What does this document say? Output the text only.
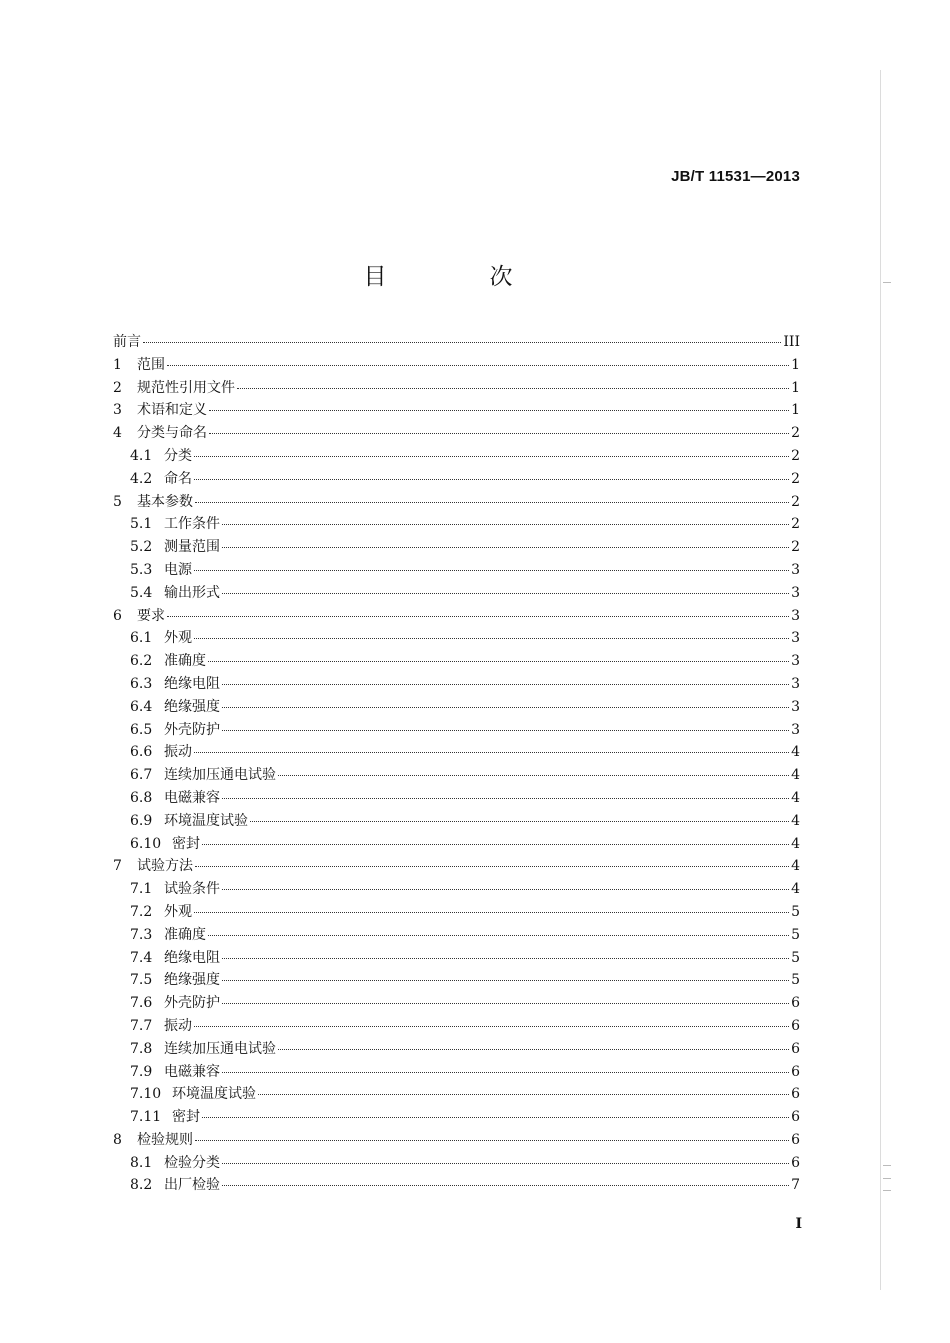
JB/T 11531—2013
目　次
前言	III
1	范围	1
2	规范性引用文件	1
3	术语和定义	1
4	分类与命名	2
4.1 分类	2
4.2 命名	2
5	基本参数	2
5.1 工作条件	2
5.2 测量范围	2
5.3 电源	3
5.4 输出形式	3
6	要求	3
6.1 外观	3
6.2 准确度	3
6.3 绝缘电阻	3
6.4 绝缘强度	3
6.5 外壳防护	3
6.6 振动	4
6.7 连续加压通电试验	4
6.8 电磁兼容	4
6.9 环境温度试验	4
6.10 密封	4
7	试验方法	4
7.1 试验条件	4
7.2 外观	5
7.3 准确度	5
7.4 绝缘电阻	5
7.5 绝缘强度	5
7.6 外壳防护	6
7.7 振动	6
7.8 连续加压通电试验	6
7.9 电磁兼容	6
7.10 环境温度试验	6
7.11 密封	6
8	检验规则	6
8.1 检验分类	6
8.2 出厂检验	7
I
